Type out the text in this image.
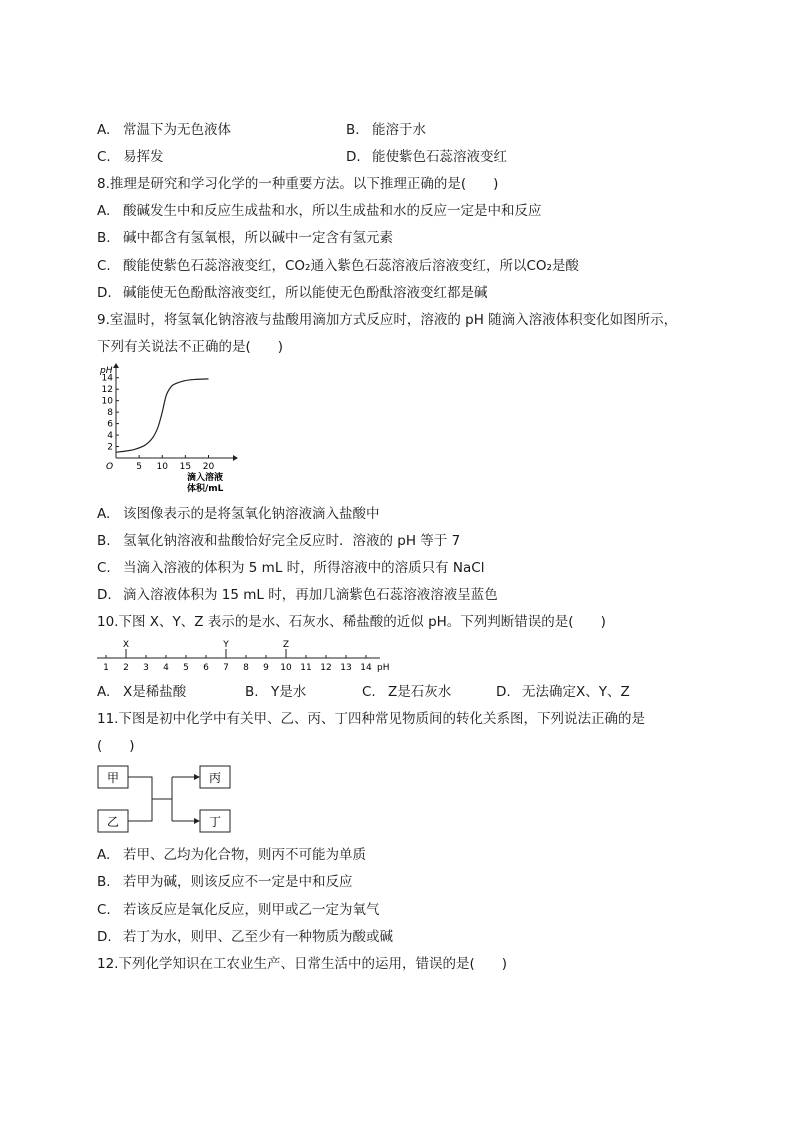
A. 常温下为无色液体	B. 能溶于水
C. 易挥发	D. 能使紫色石蕊溶液变红
8.推理是研究和学习化学的一种重要方法。以下推理正确的是(　　)
A. 酸碱发生中和反应生成盐和水，所以生成盐和水的反应一定是中和反应
B. 碱中都含有氢氧根，所以碱中一定含有氢元素
C. 酸能使紫色石蕊溶液变红，CO₂通入紫色石蕊溶液后溶液变红，所以CO₂是酸
D. 碱能使无色酚酞溶液变红，所以能使无色酚酞溶液变红都是碱
9.室温时，将氢氧化钠溶液与盐酸用滴加方式反应时，溶液的 pH 随滴入溶液体积变化如图所示，
下列有关说法不正确的是(　　)
2
4
6
8
10
12
14
5 10 15 20
pH
O
滴入溶液
体积/mL
A. 该图像表示的是将氢氧化钠溶液滴入盐酸中
B. 氢氧化钠溶液和盐酸恰好完全反应时．溶液的 pH 等于 7
C. 当滴入溶液的体积为 5 mL 时，所得溶液中的溶质只有 NaCl
D. 滴入溶液体积为 15 mL 时，再加几滴紫色石蕊溶液溶液呈蓝色
10.下图 X、Y、Z 表示的是水、石灰水、稀盐酸的近似 pH。下列判断错误的是(　　)
1 2 3 4 5 6 7 8 9 10 11 12 13 14
X	Y	Z
pH
A. X是稀盐酸	B. Y是水	C. Z是石灰水	D. 无法确定X、Y、Z
11.下图是初中化学中有关甲、乙、丙、丁四种常见物质间的转化关系图，下列说法正确的是
(　　)
甲
乙
丙
丁
A. 若甲、乙均为化合物，则丙不可能为单质
B. 若甲为碱，则该反应不一定是中和反应
C. 若该反应是氧化反应，则甲或乙一定为氧气
D. 若丁为水，则甲、乙至少有一种物质为酸或碱
12.下列化学知识在工农业生产、日常生活中的运用，错误的是(　　)
